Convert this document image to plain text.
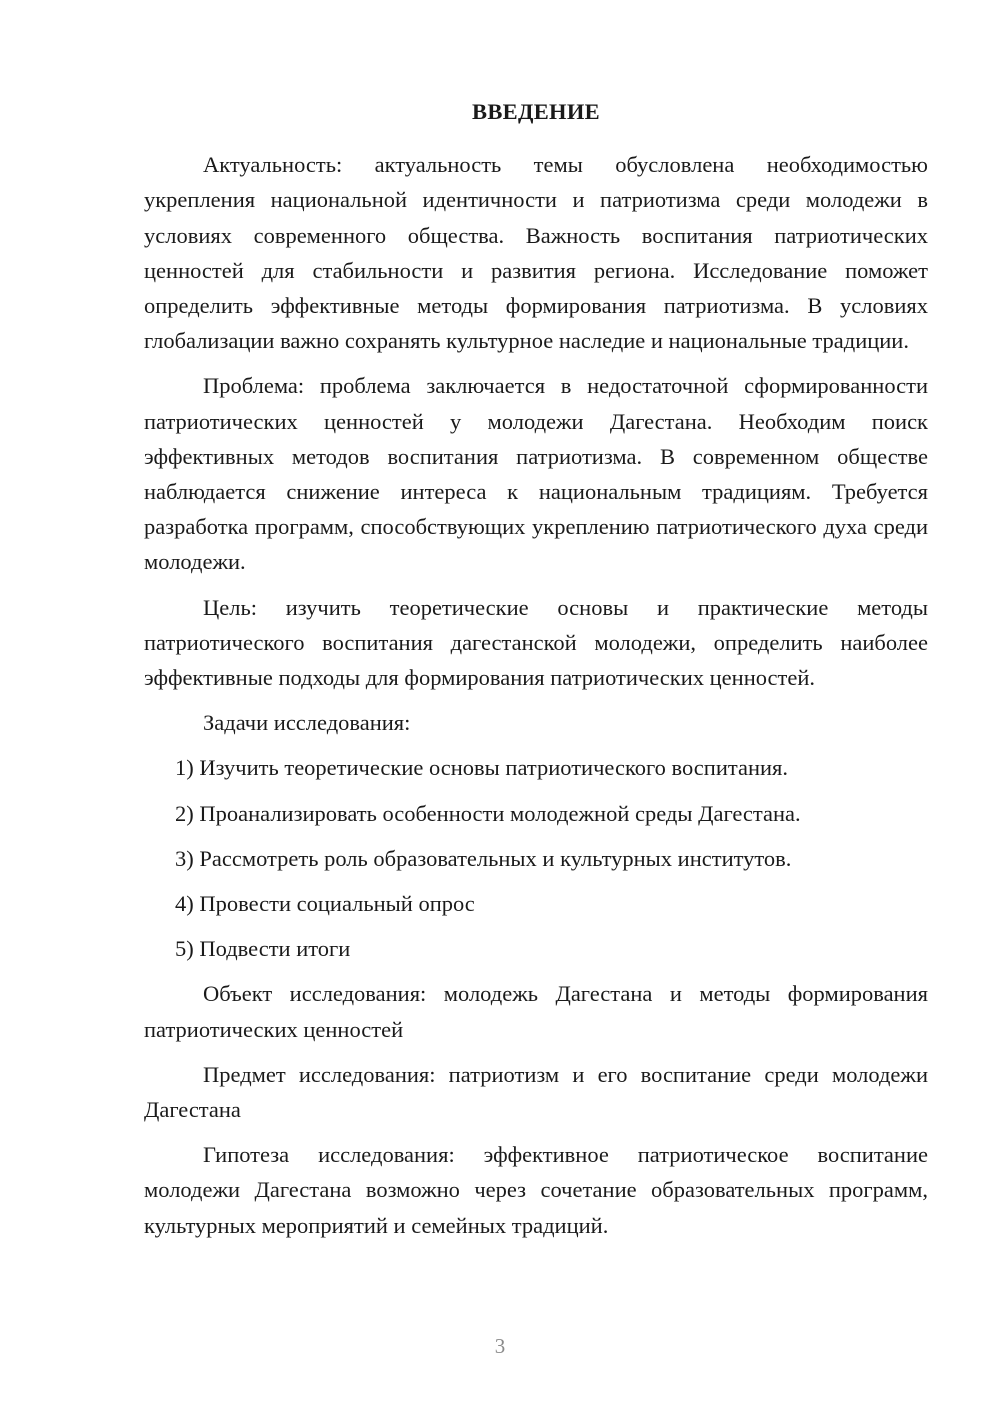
ВВЕДЕНИЕ

Актуальность: актуальность темы обусловлена необходимостью укрепления национальной идентичности и патриотизма среди молодежи в условиях современного общества. Важность воспитания патриотических ценностей для стабильности и развития региона. Исследование поможет определить эффективные методы формирования патриотизма. В условиях глобализации важно сохранять культурное наследие и национальные традиции.

Проблема: проблема заключается в недостаточной сформированности патриотических ценностей у молодежи Дагестана. Необходим поиск эффективных методов воспитания патриотизма. В современном обществе наблюдается снижение интереса к национальным традициям. Требуется разработка программ, способствующих укреплению патриотического духа среди молодежи.

Цель: изучить теоретические основы и практические методы патриотического воспитания дагестанской молодежи, определить наиболее эффективные подходы для формирования патриотических ценностей.

Задачи исследования:

1) Изучить теоретические основы патриотического воспитания.
2) Проанализировать особенности молодежной среды Дагестана.
3) Рассмотреть роль образовательных и культурных институтов.
4) Провести социальный опрос
5) Подвести итоги

Объект исследования: молодежь Дагестана и методы формирования патриотических ценностей

Предмет исследования: патриотизм и его воспитание среди молодежи Дагестана

Гипотеза исследования: эффективное патриотическое воспитание молодежи Дагестана возможно через сочетание образовательных программ, культурных мероприятий и семейных традиций.

3
